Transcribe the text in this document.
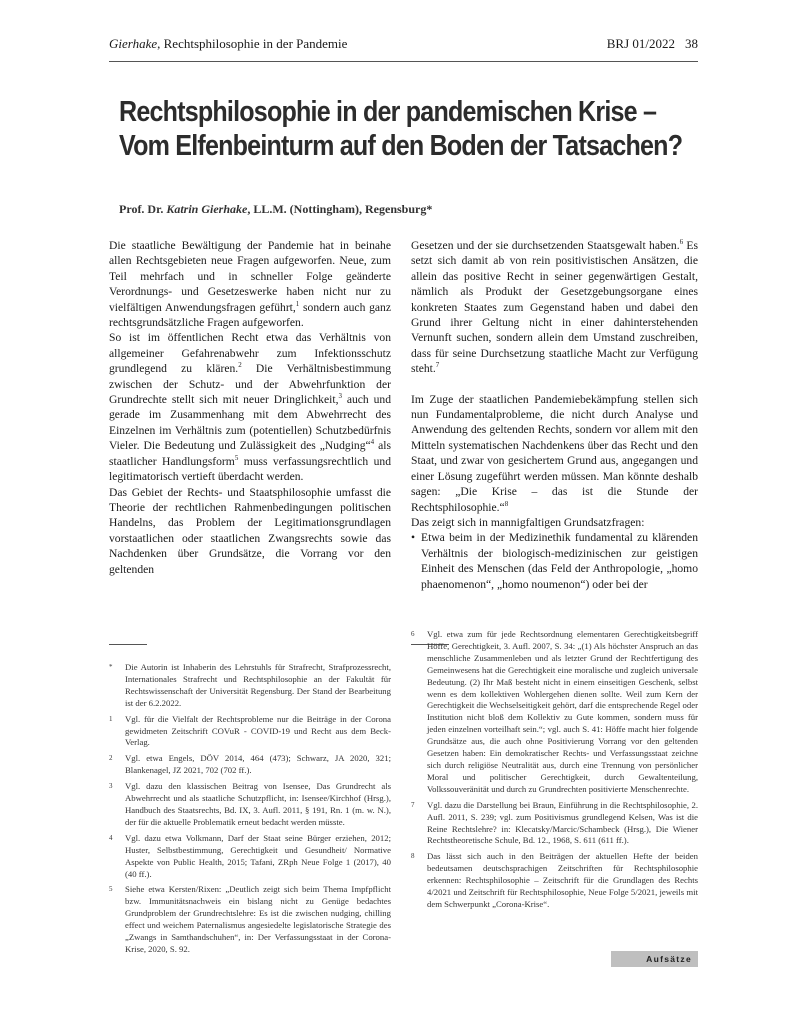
Gierhake, Rechtsphilosophie in der Pandemie	BRJ 01/2022 38
Rechtsphilosophie in der pandemischen Krise –
Vom Elfenbeinturm auf den Boden der Tatsachen?
Prof. Dr. Katrin Gierhake, LL.M. (Nottingham), Regensburg*

Die staatliche Bewältigung der Pandemie hat in beinahe allen Rechtsgebieten neue Fragen aufgeworfen. Neue, zum Teil mehrfach und in schneller Folge geänderte Verordnungs- und Gesetzeswerke haben nicht nur zu vielfältigen Anwendungsfragen geführt,$^1$ sondern auch ganz rechtsgrundsätzliche Fragen aufgeworfen.

So ist im öffentlichen Recht etwa das Verhältnis von allgemeiner Gefahrenabwehr zum Infektionsschutz grundlegend zu klären.$^2$ Die Verhältnisbestimmung zwischen der Schutz- und der Abwehrfunktion der Grundrechte stellt sich mit neuer Dringlichkeit,$^3$ auch und gerade im Zusammenhang mit dem Abwehrrecht des Einzelnen im Verhältnis zum (potentiellen) Schutzbedürfnis Vieler. Die Bedeutung und Zulässigkeit des „Nudging“$^4$ als staatlicher Handlungsform$^5$ muss verfassungsrechtlich und legitimatorisch vertieft überdacht werden.

Das Gebiet der Rechts- und Staatsphilosophie umfasst die Theorie der rechtlichen Rahmenbedingungen politischen Handelns, das Problem der Legitimationsgrundlagen vorstaatlichen oder staatlichen Zwangsrechts sowie das Nachdenken über Grundsätze, die Vorrang vor den geltenden

Gesetzen und der sie durchsetzenden Staatsgewalt haben.$^6$ Es setzt sich damit ab von rein positivistischen Ansätzen, die allein das positive Recht in seiner gegenwärtigen Gestalt, nämlich als Produkt der Gesetzgebungsorgane eines konkreten Staates zum Gegenstand haben und dabei den Grund ihrer Geltung nicht in einer dahinterstehenden Vernunft suchen, sondern allein dem Umstand zuschreiben, dass für seine Durchsetzung staatliche Macht zur Verfügung steht.$^7$

Im Zuge der staatlichen Pandemiebekämpfung stellen sich nun Fundamentalprobleme, die nicht durch Analyse und Anwendung des geltenden Rechts, sondern vor allem mit den Mitteln systematischen Nachdenkens über das Recht und den Staat, und zwar von gesichertem Grund aus, angegangen und einer Lösung zugeführt werden müssen. Man könnte deshalb sagen: „Die Krise – das ist die Stunde der Rechtsphilosophie.“$^8$

Das zeigt sich in mannigfaltigen Grundsatzfragen:

• Etwa beim in der Medizinethik fundamental zu klärenden Verhältnis der biologisch-medizinischen zur geistigen Einheit des Menschen (das Feld der Anthropologie, „homo phaenomenon“, „homo noumenon“) oder bei der

*	Die Autorin ist Inhaberin des Lehrstuhls für Strafrecht, Strafprozessrecht, Internationales Strafrecht und Rechtsphilosophie an der Fakultät für Rechtswissenschaft der Universität Regensburg. Der Stand der Bearbeitung ist der 6.2.2022.
1	Vgl. für die Vielfalt der Rechtsprobleme nur die Beiträge in der Corona gewidmeten Zeitschrift COVuR - COVID-19 und Recht aus dem Beck-Verlag.
2	Vgl. etwa Engels, DÖV 2014, 464 (473); Schwarz, JA 2020, 321; Blankenagel, JZ 2021, 702 (702 ff.).
3	Vgl. dazu den klassischen Beitrag von Isensee, Das Grundrecht als Abwehrrecht und als staatliche Schutzpflicht, in: Isensee/Kirchhof (Hrsg.), Handbuch des Staatsrechts, Bd. IX, 3. Aufl. 2011, § 191, Rn. 1 (m. w. N.), der für die aktuelle Problematik erneut bedacht werden müsste.
4	Vgl. dazu etwa Volkmann, Darf der Staat seine Bürger erziehen, 2012; Huster, Selbstbestimmung, Gerechtigkeit und Gesundheit/ Normative Aspekte von Public Health, 2015; Tafani, ZRph Neue Folge 1 (2017), 40 (40 ff.).
5	Siehe etwa Kersten/Rixen: „Deutlich zeigt sich beim Thema Impfpflicht bzw. Immunitätsnachweis ein bislang nicht zu Genüge bedachtes Grundproblem der Grundrechtslehre: Es ist die zwischen nudging, chilling effect und weichem Paternalismus angesiedelte legislatorische Strategie des „Zwangs in Samthandschuhen“, in: Der Verfassungsstaat in der Corona-Krise, 2020, S. 92.
6	Vgl. etwa zum für jede Rechtsordnung elementaren Gerechtigkeitsbegriff Höffe, Gerechtigkeit, 3. Aufl. 2007, S. 34: „(1) Als höchster Anspruch an das menschliche Zusammenleben und als letzter Grund der Rechtfertigung des Gemeinwesens hat die Gerechtigkeit eine moralische und zugleich universale Bedeutung. (2) Ihr Maß besteht nicht in einem einseitigen Geschenk, selbst wenn es dem kollektiven Wohlergehen dienen sollte. Weil zum Kern der Gerechtigkeit die Wechselseitigkeit gehört, darf die entsprechende Regel oder Institution nicht bloß dem Kollektiv zu Gute kommen, sondern muss für jeden einzelnen vorteilhaft sein.“; vgl. auch S. 41: Höffe macht hier folgende Grundsätze aus, die auch ohne Positivierung Vorrang vor den geltenden Gesetzen haben: Ein demokratischer Rechts- und Verfassungsstaat zeichne sich durch religiöse Neutralität aus, durch eine Trennung von persönlicher Moral und politischer Gerechtigkeit, durch Gewaltenteilung, Volkssouveränität und durch zu Grundrechten positivierte Menschenrechte.
7	Vgl. dazu die Darstellung bei Braun, Einführung in die Rechtsphilosophie, 2. Aufl. 2011, S. 239; vgl. zum Positivismus grundlegend Kelsen, Was ist die Reine Rechtslehre? in: Klecatsky/Marcic/Schambeck (Hrsg.), Die Wiener Rechtstheoretische Schule, Bd. 12., 1968, S. 611 (611 ff.).
8	Das lässt sich auch in den Beiträgen der aktuellen Hefte der beiden bedeutsamen deutschsprachigen Zeitschriften für Rechtsphilosophie erkennen: Rechtsphilosophie – Zeitschrift für die Grundlagen des Rechts 4/2021 und Zeitschrift für Rechtsphilosophie, Neue Folge 5/2021, jeweils mit dem Schwerpunkt „Corona-Krise“.
Aufsätze
